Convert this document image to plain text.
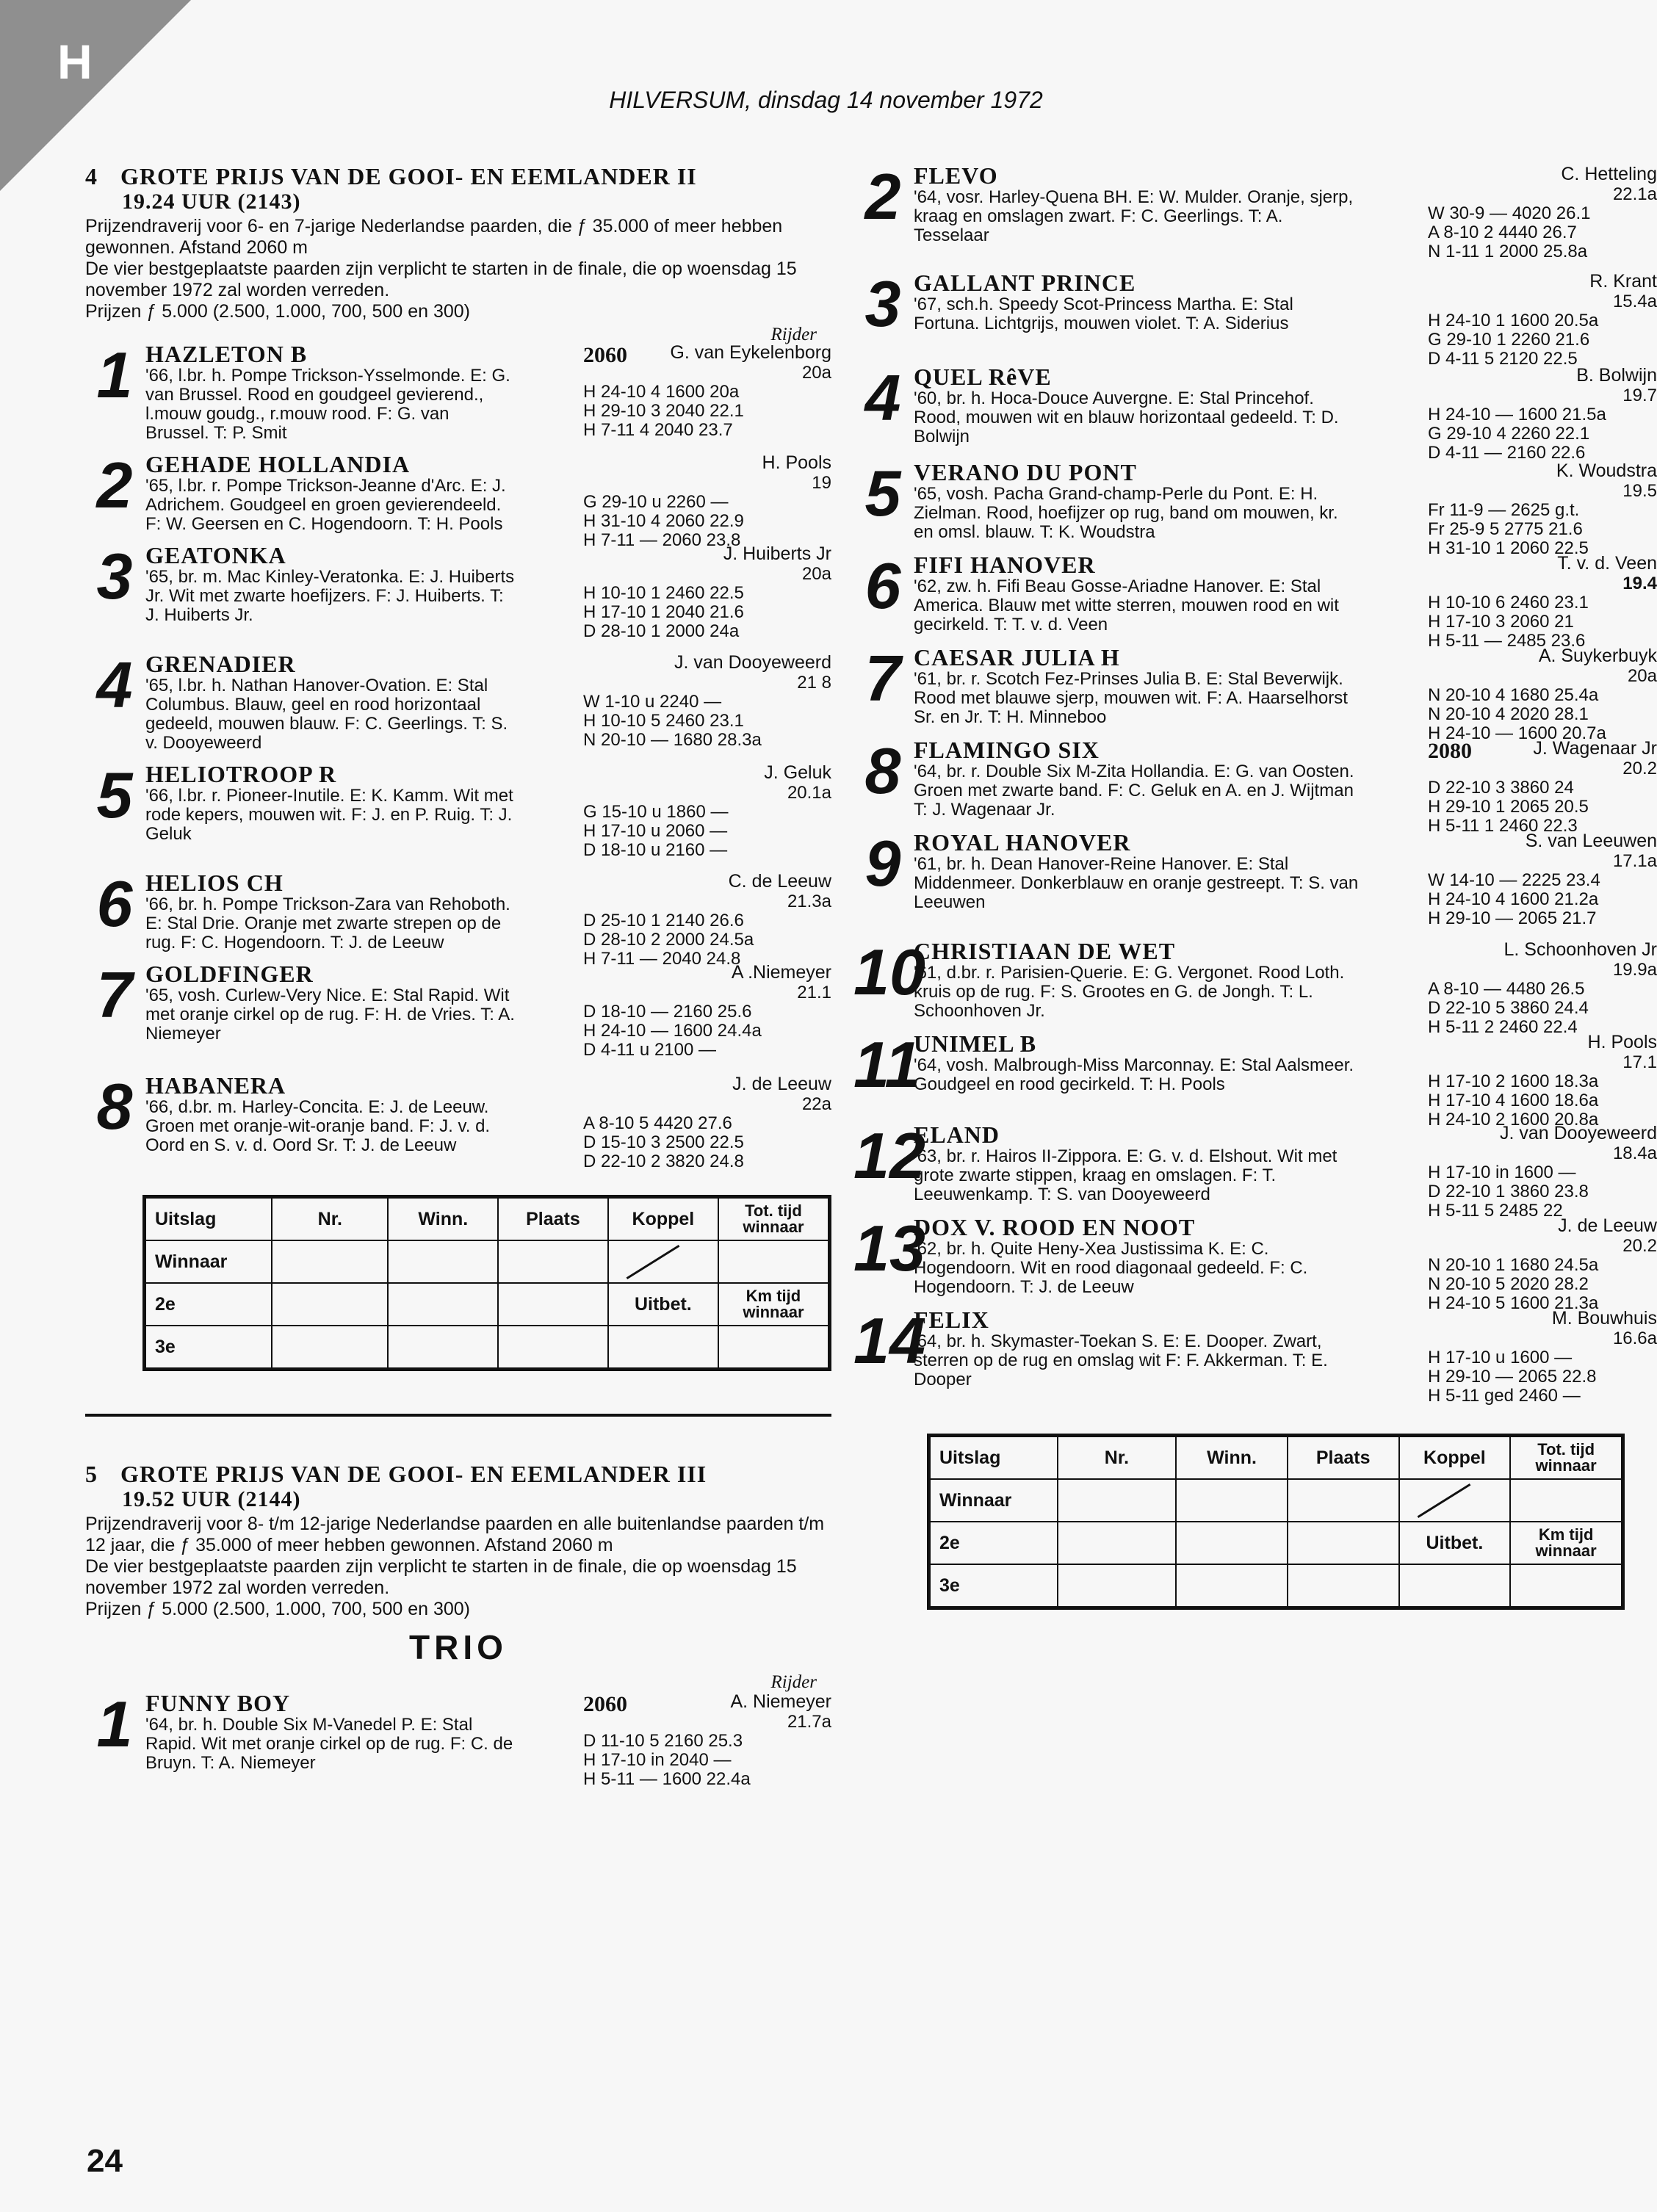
H
HILVERSUM, dinsdag 14 november 1972
4 GROTE PRIJS VAN DE GOOI- EN EEMLANDER II
19.24 UUR (2143)

Prijzendraverij voor 6- en 7-jarige Nederlandse paarden, die ƒ 35.000 of meer hebben gewonnen. Afstand 2060 m

De vier bestgeplaatste paarden zijn verplicht te starten in de finale, die op woensdag 15 november 1972 zal worden verreden.

Prijzen ƒ 5.000 (2.500, 1.000, 700, 500 en 300)

Rijder
1 HAZLETON B
'66, l.br. h. Pompe Trickson-Ysselmonde. E: G. van Brussel. Rood en goudgeel gevierend., l.mouw goudg., r.mouw rood. F: G. van Brussel. T: P. Smit
2060	G. van Eykelenborg
20a
H 24-10 4 1600 20a
H 29-10 3 2040 22.1
H 7-11 4 2040 23.7
2 GEHADE HOLLANDIA
'65, l.br. r. Pompe Trickson-Jeanne d'Arc. E: J. Adrichem. Goudgeel en groen gevierendeeld. F: W. Geersen en C. Hogendoorn. T: H. Pools
H. Pools
19
G 29-10 u 2260 —
H 31-10 4 2060 22.9
H 7-11 — 2060 23.8
3 GEATONKA
'65, br. m. Mac Kinley-Veratonka. E: J. Huiberts Jr. Wit met zwarte hoefijzers. F: J. Huiberts. T: J. Huiberts Jr.
J. Huiberts Jr
20a
H 10-10 1 2460 22.5
H 17-10 1 2040 21.6
D 28-10 1 2000 24a
4 GRENADIER
'65, l.br. h. Nathan Hanover-Ovation. E: Stal Columbus. Blauw, geel en rood horizontaal gedeeld, mouwen blauw. F: C. Geerlings. T: S. v. Dooyeweerd
J. van Dooyeweerd
21 8
W 1-10 u 2240 —
H 10-10 5 2460 23.1
N 20-10 — 1680 28.3a
5 HELIOTROOP R
'66, l.br. r. Pioneer-Inutile. E: K. Kamm. Wit met rode kepers, mouwen wit. F: J. en P. Ruig. T: J. Geluk
J. Geluk
20.1a
G 15-10 u 1860 —
H 17-10 u 2060 —
D 18-10 u 2160 —
6 HELIOS CH
'66, br. h. Pompe Trickson-Zara van Rehoboth. E: Stal Drie. Oranje met zwarte strepen op de rug. F: C. Hogendoorn. T: J. de Leeuw
C. de Leeuw
21.3a
D 25-10 1 2140 26.6
D 28-10 2 2000 24.5a
H 7-11 — 2040 24.8
7 GOLDFINGER
'65, vosh. Curlew-Very Nice. E: Stal Rapid. Wit met oranje cirkel op de rug. F: H. de Vries. T: A. Niemeyer
A .Niemeyer
21.1
D 18-10 — 2160 25.6
H 24-10 — 1600 24.4a
D 4-11 u 2100 —
8 HABANERA
'66, d.br. m. Harley-Concita. E: J. de Leeuw. Groen met oranje-wit-oranje band. F: J. v. d. Oord en S. v. d. Oord Sr. T: J. de Leeuw
J. de Leeuw
22a
A 8-10 5 4420 27.6
D 15-10 3 2500 22.5
D 22-10 2 3820 24.8
Uitslag	Nr.	Winn.	Plaats	Koppel	Tot. tijd winnaar
Winnaar					
2e				Uitbet.	Km tijd winnaar
3e					
5 GROTE PRIJS VAN DE GOOI- EN EEMLANDER III
19.52 UUR (2144)

Prijzendraverij voor 8- t/m 12-jarige Nederlandse paarden en alle buitenlandse paarden t/m 12 jaar, die ƒ 35.000 of meer hebben gewonnen. Afstand 2060 m

De vier bestgeplaatste paarden zijn verplicht te starten in de finale, die op woensdag 15 november 1972 zal worden verreden.

Prijzen ƒ 5.000 (2.500, 1.000, 700, 500 en 300)

TRIO
Rijder
1 FUNNY BOY
'64, br. h. Double Six M-Vanedel P. E: Stal Rapid. Wit met oranje cirkel op de rug. F: C. de Bruyn. T: A. Niemeyer
2060	A. Niemeyer
21.7a
D 11-10 5 2160 25.3
H 17-10 in 2040 —
H 5-11 — 1600 22.4a
2 FLEVO
'64, vosr. Harley-Quena BH. E: W. Mulder. Oranje, sjerp, kraag en omslagen zwart. F: C. Geerlings. T: A. Tesselaar
C. Hetteling
22.1a
W 30-9 — 4020 26.1
A 8-10 2 4440 26.7
N 1-11 1 2000 25.8a
3 GALLANT PRINCE
'67, sch.h. Speedy Scot-Princess Martha. E: Stal Fortuna. Lichtgrijs, mouwen violet. T: A. Siderius
R. Krant
15.4a
H 24-10 1 1600 20.5a
G 29-10 1 2260 21.6
D 4-11 5 2120 22.5
4 QUEL RêVE
'60, br. h. Hoca-Douce Auvergne. E: Stal Princehof. Rood, mouwen wit en blauw horizontaal gedeeld. T: D. Bolwijn
B. Bolwijn
19.7
H 24-10 — 1600 21.5a
G 29-10 4 2260 22.1
D 4-11 — 2160 22.6
5 VERANO DU PONT
'65, vosh. Pacha Grand-champ-Perle du Pont. E: H. Zielman. Rood, hoefijzer op rug, band om mouwen, kr. en omsl. blauw. T: K. Woudstra
K. Woudstra
19.5
Fr 11-9 — 2625 g.t.
Fr 25-9 5 2775 21.6
H 31-10 1 2060 22.5
6 FIFI HANOVER
'62, zw. h. Fifi Beau Gosse-Ariadne Hanover. E: Stal America. Blauw met witte sterren, mouwen rood en wit gecirkeld. T: T. v. d. Veen
T. v. d. Veen
19.4
H 10-10 6 2460 23.1
H 17-10 3 2060 21
H 5-11 — 2485 23.6
7 CAESAR JULIA H
'61, br. r. Scotch Fez-Prinses Julia B. E: Stal Beverwijk. Rood met blauwe sjerp, mouwen wit. F: A. Haarselhorst Sr. en Jr. T: H. Minneboo
A. Suykerbuyk
20a
N 20-10 4 1680 25.4a
N 20-10 4 2020 28.1
H 24-10 — 1600 20.7a
8 FLAMINGO SIX
'64, br. r. Double Six M-Zita Hollandia. E: G. van Oosten. Groen met zwarte band. F: C. Geluk en A. en J. Wijtman T: J. Wagenaar Jr.
2080	J. Wagenaar Jr
20.2
D 22-10 3 3860 24
H 29-10 1 2065 20.5
H 5-11 1 2460 22.3
9 ROYAL HANOVER
'61, br. h. Dean Hanover-Reine Hanover. E: Stal Middenmeer. Donkerblauw en oranje gestreept. T: S. van Leeuwen
S. van Leeuwen
17.1a
W 14-10 — 2225 23.4
H 24-10 4 1600 21.2a
H 29-10 — 2065 21.7
10
CHRISTIAAN DE WET
'61, d.br. r. Parisien-Querie. E: G. Vergonet. Rood Loth. kruis op de rug. F: S. Grootes en G. de Jongh. T: L. Schoonhoven Jr.
L. Schoonhoven Jr
19.9a
A 8-10 — 4480 26.5
D 22-10 5 3860 24.4
H 5-11 2 2460 22.4
11
UNIMEL B
'64, vosh. Malbrough-Miss Marconnay. E: Stal Aalsmeer. Goudgeel en rood gecirkeld. T: H. Pools
H. Pools
17.1
H 17-10 2 1600 18.3a
H 17-10 4 1600 18.6a
H 24-10 2 1600 20.8a
12
ELAND
'63, br. r. Hairos II-Zippora. E: G. v. d. Elshout. Wit met grote zwarte stippen, kraag en omslagen. F: T. Leeuwenkamp. T: S. van Dooyeweerd
J. van Dooyeweerd
18.4a
H 17-10 in 1600 —
D 22-10 1 3860 23.8
H 5-11 5 2485 22
13
DOX V. ROOD EN NOOT
'62, br. h. Quite Heny-Xea Justissima K. E: C. Hogendoorn. Wit en rood diagonaal gedeeld. F: C. Hogendoorn. T: J. de Leeuw
J. de Leeuw
20.2
N 20-10 1 1680 24.5a
N 20-10 5 2020 28.2
H 24-10 5 1600 21.3a
14
FELIX
'64, br. h. Skymaster-Toekan S. E: E. Dooper. Zwart, sterren op de rug en omslag wit F: F. Akkerman. T: E. Dooper
M. Bouwhuis
16.6a
H 17-10 u 1600 —
H 29-10 — 2065 22.8
H 5-11 ged 2460 —
Uitslag	Nr.	Winn.	Plaats	Koppel	Tot. tijd winnaar
Winnaar					
2e				Uitbet.	Km tijd winnaar
3e					
24
